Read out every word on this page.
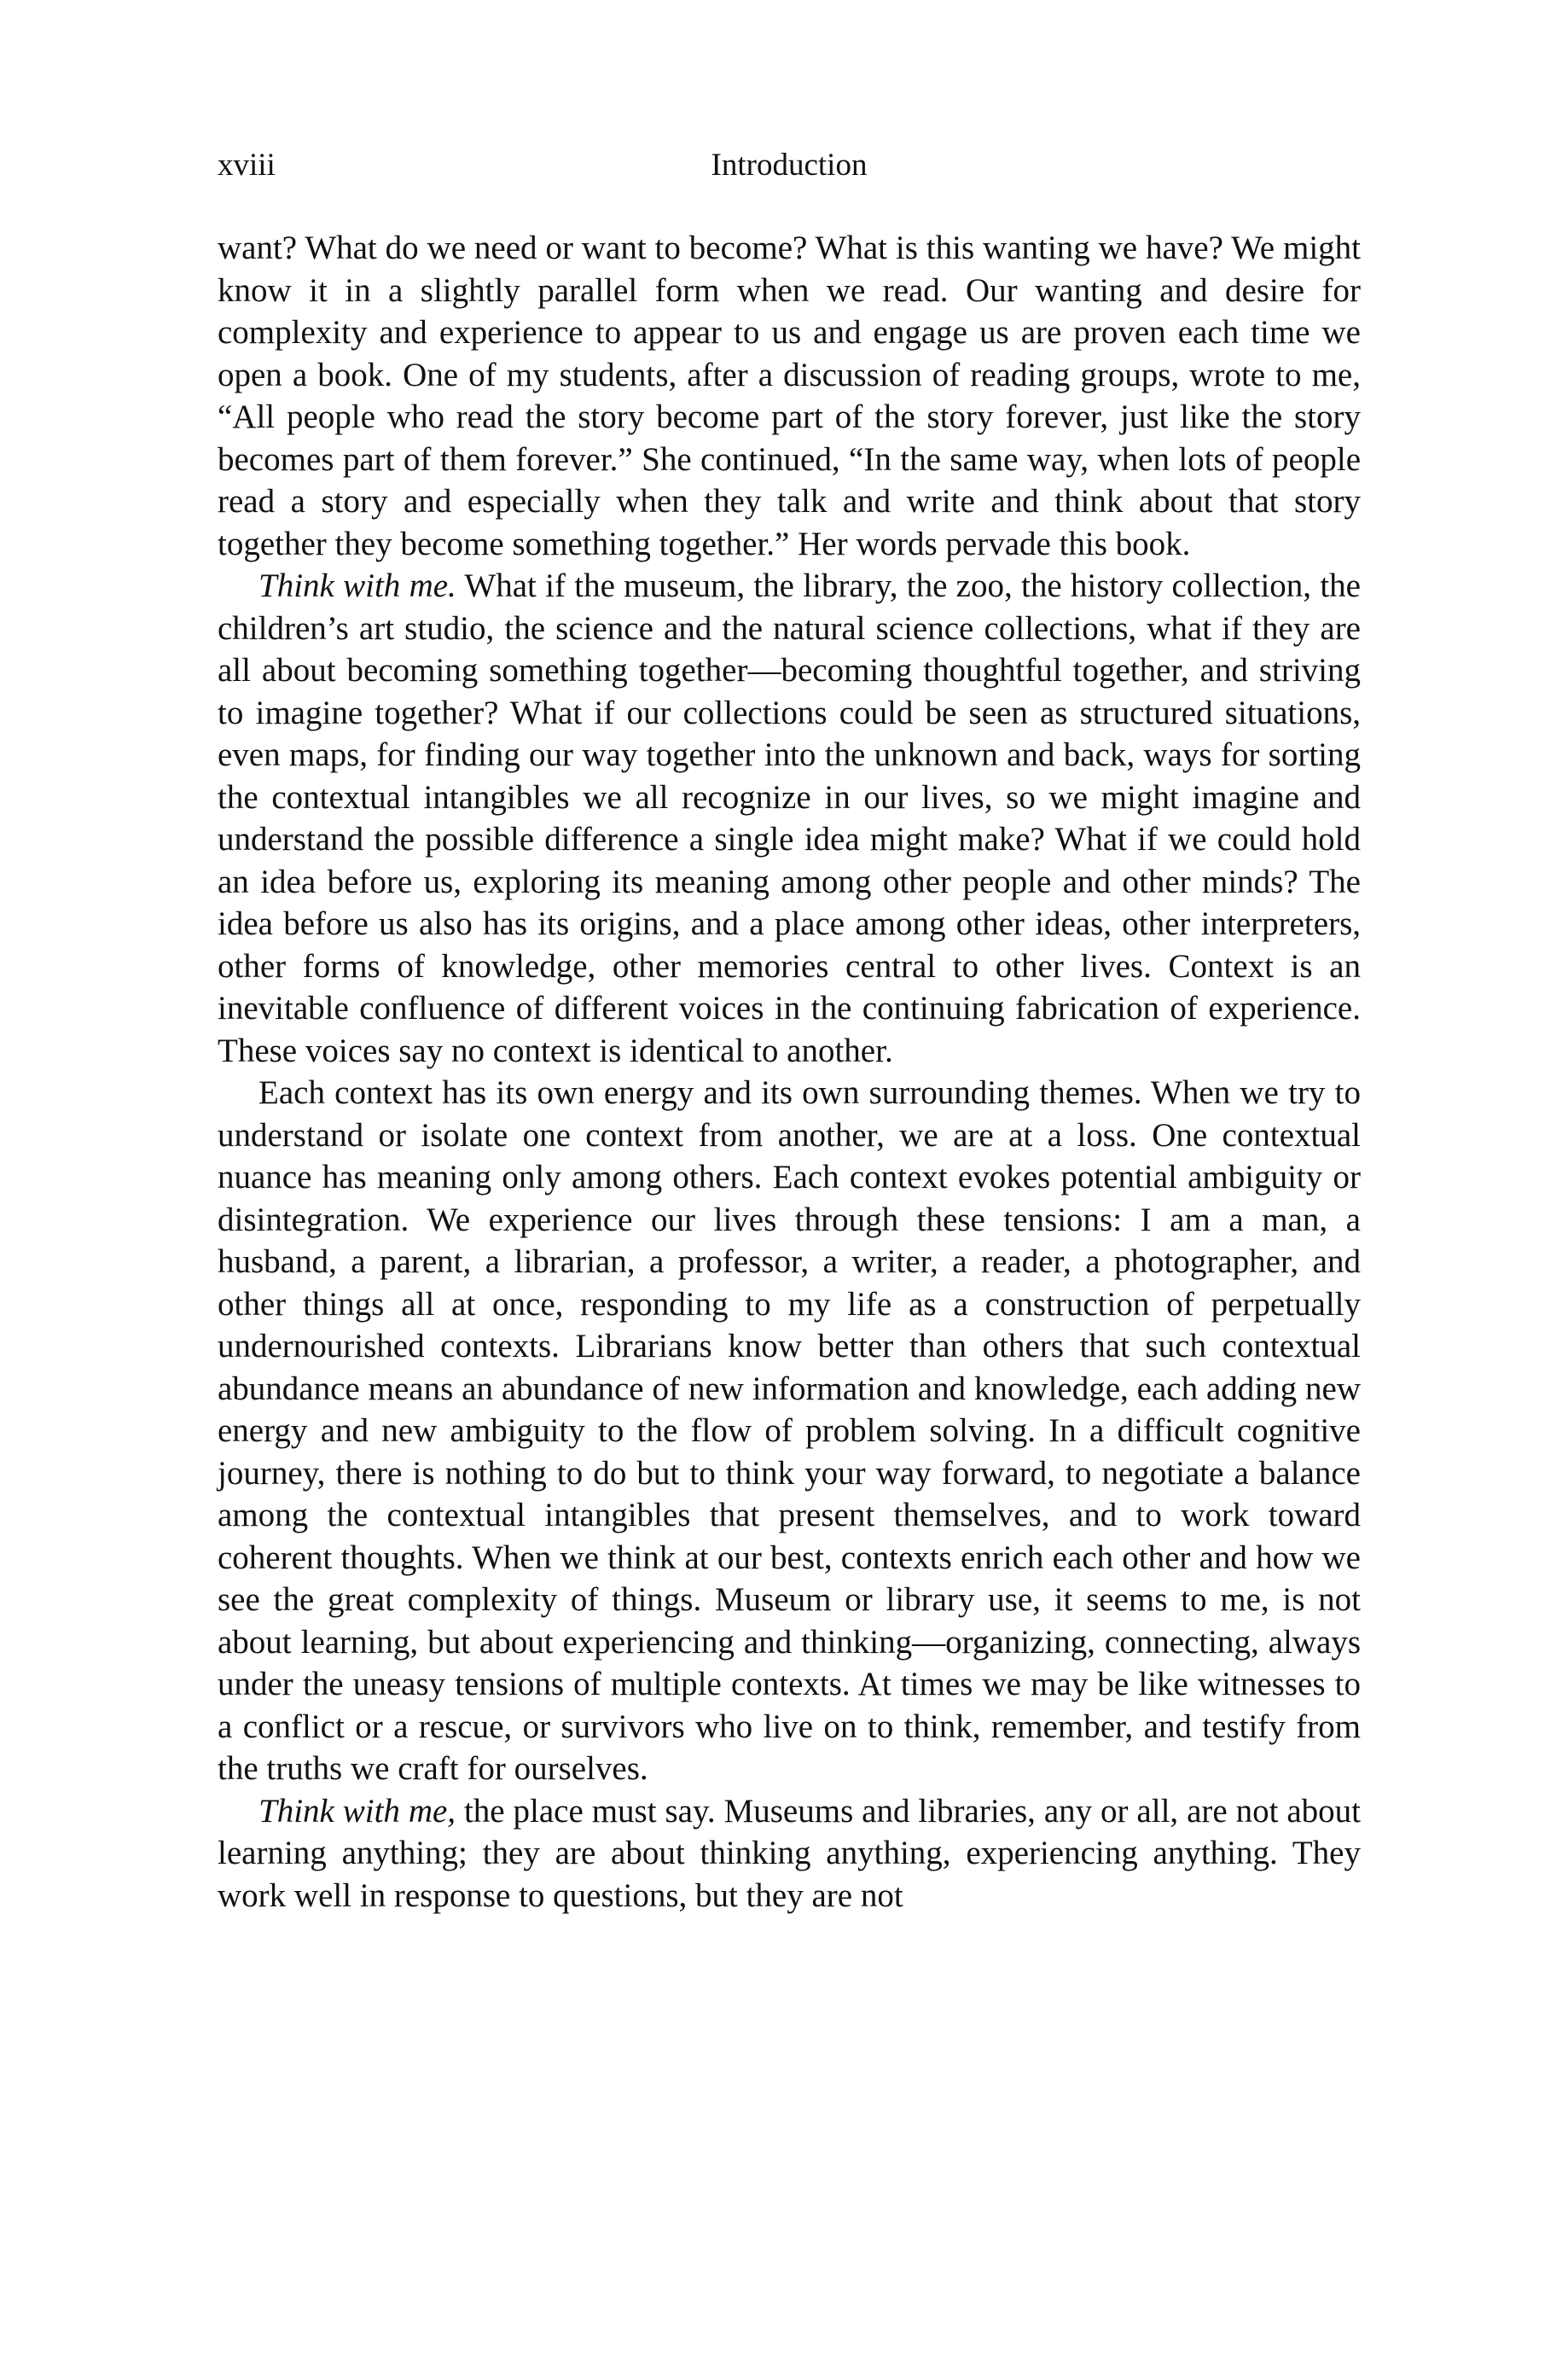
xviii	Introduction

want? What do we need or want to become? What is this wanting we have? We might know it in a slightly parallel form when we read. Our wanting and desire for complexity and experience to appear to us and engage us are proven each time we open a book. One of my students, after a discussion of reading groups, wrote to me, “All people who read the story become part of the story forever, just like the story becomes part of them forever.” She continued, “In the same way, when lots of people read a story and especially when they talk and write and think about that story together they become something together.” Her words pervade this book.

Think with me. What if the museum, the library, the zoo, the history collection, the children’s art studio, the science and the natural science collections, what if they are all about becoming something together—becoming thoughtful together, and striving to imagine together? What if our collections could be seen as structured situations, even maps, for finding our way together into the unknown and back, ways for sorting the contextual intangibles we all recognize in our lives, so we might imagine and understand the possible difference a single idea might make? What if we could hold an idea before us, exploring its meaning among other people and other minds? The idea before us also has its origins, and a place among other ideas, other interpreters, other forms of knowledge, other memories central to other lives. Context is an inevitable confluence of different voices in the continuing fabrication of experience. These voices say no context is identical to another.

Each context has its own energy and its own surrounding themes. When we try to understand or isolate one context from another, we are at a loss. One contextual nuance has meaning only among others. Each context evokes potential ambiguity or disintegration. We experience our lives through these tensions: I am a man, a husband, a parent, a librarian, a professor, a writer, a reader, a photographer, and other things all at once, responding to my life as a construction of perpetually undernourished contexts. Librarians know better than others that such contextual abundance means an abundance of new information and knowledge, each adding new energy and new ambiguity to the flow of problem solving. In a difficult cognitive journey, there is nothing to do but to think your way forward, to negotiate a balance among the contextual intangibles that present themselves, and to work toward coherent thoughts. When we think at our best, contexts enrich each other and how we see the great complexity of things. Museum or library use, it seems to me, is not about learning, but about experiencing and thinking—organizing, connecting, always under the uneasy tensions of multiple contexts. At times we may be like witnesses to a conflict or a rescue, or survivors who live on to think, remember, and testify from the truths we craft for ourselves.

Think with me, the place must say. Museums and libraries, any or all, are not about learning anything; they are about thinking anything, experiencing anything. They work well in response to questions, but they are not
